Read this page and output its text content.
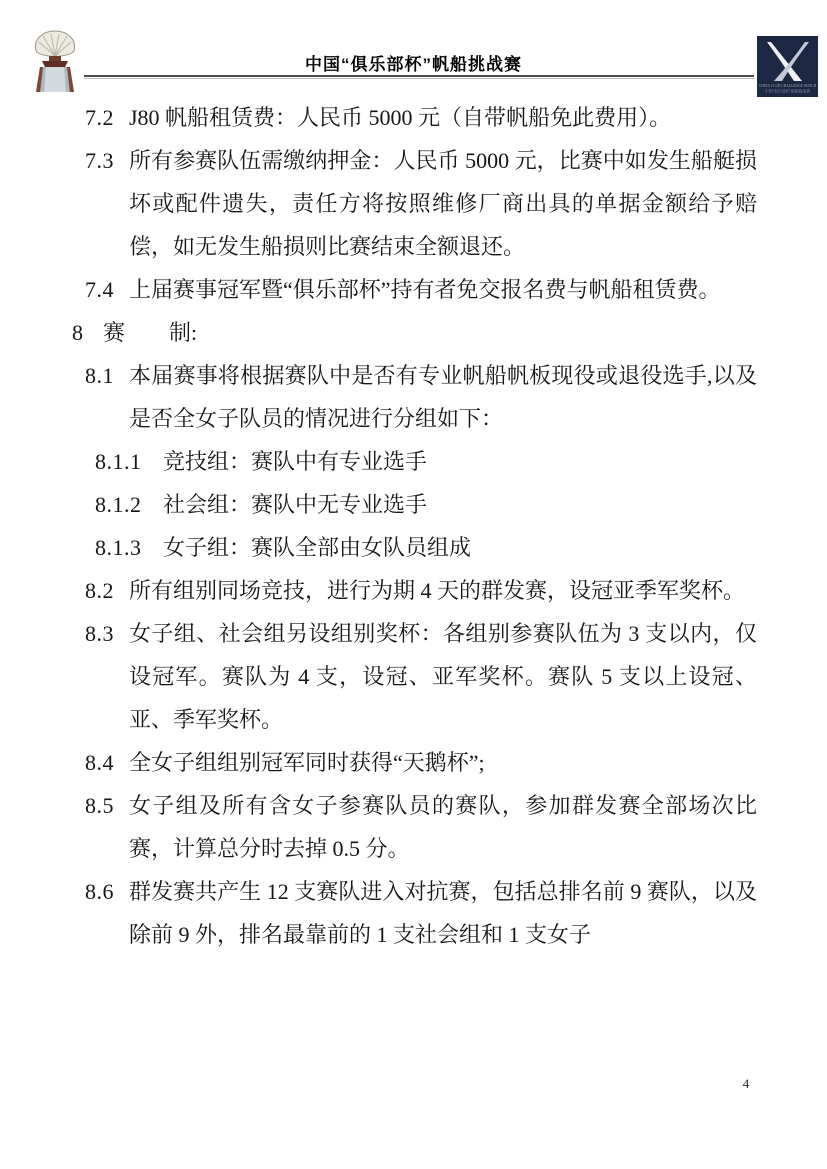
中国“俱乐部杯”帆船挑战赛
CHINA CLUB CHALLENGE MATCH
中国“俱乐部杯”帆船挑战赛
7.2 J80 帆船租赁费：人民币 5000 元（自带帆船免此费用）。
7.3 所有参赛队伍需缴纳押金：人民币 5000 元，比赛中如发生船艇损坏或配件遗失，责任方将按照维修厂商出具的单据金额给予赔偿，如无发生船损则比赛结束全额退还。
7.4 上届赛事冠军暨“俱乐部杯”持有者免交报名费与帆船租赁费。
8 赛　　制:
8.1 本届赛事将根据赛队中是否有专业帆船帆板现役或退役选手,以及是否全女子队员的情况进行分组如下：
8.1.1 竞技组：赛队中有专业选手
8.1.2 社会组：赛队中无专业选手
8.1.3 女子组：赛队全部由女队员组成
8.2 所有组别同场竞技，进行为期 4 天的群发赛，设冠亚季军奖杯。
8.3 女子组、社会组另设组别奖杯：各组别参赛队伍为 3 支以内，仅设冠军。赛队为 4 支，设冠、亚军奖杯。赛队 5 支以上设冠、亚、季军奖杯。
8.4 全女子组组别冠军同时获得“天鹅杯”;
8.5 女子组及所有含女子参赛队员的赛队，参加群发赛全部场次比赛，计算总分时去掉 0.5 分。
8.6 群发赛共产生 12 支赛队进入对抗赛，包括总排名前 9 赛队，以及除前 9 外，排名最靠前的 1 支社会组和 1 支女子
4
